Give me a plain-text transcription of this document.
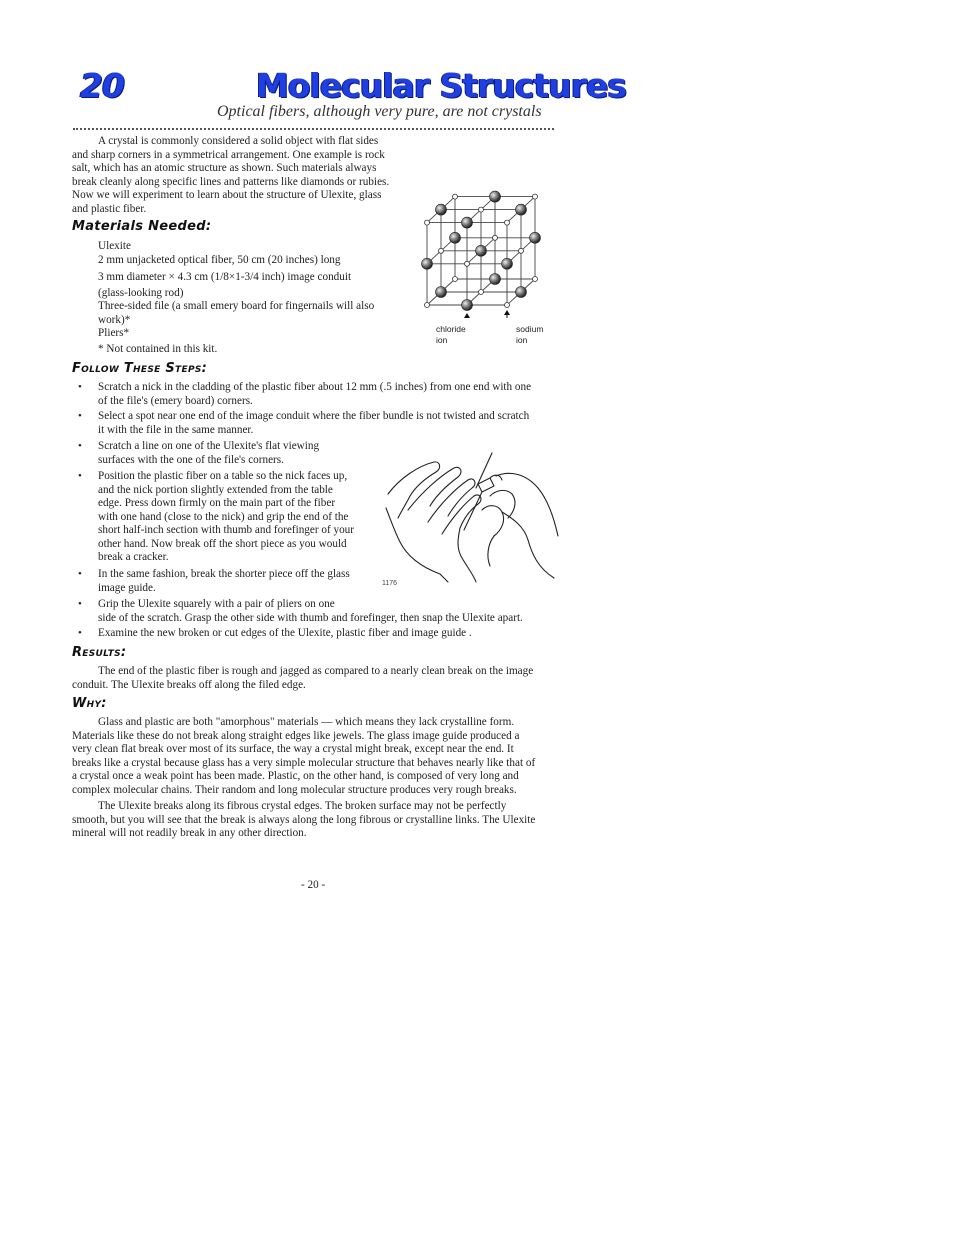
20	Molecular Structures
Optical fibers, although very pure, are not crystals

A crystal is commonly considered a solid object with flat sides

and sharp corners in a symmetrical arrangement. One example is rock

salt, which has an atomic structure as shown. Such materials always

break cleanly along specific lines and patterns like diamonds or rubies.

Now we will experiment to learn about the structure of Ulexite, glass

and plastic fiber.

chloride
ion
sodium
ion
Materials Needed:

Ulexite

2 mm unjacketed optical fiber, 50 cm (20 inches) long

3 mm diameter × 4.3 cm (1/8×1-3/4 inch) image conduit

(glass-looking rod)

Three-sided file (a small emery board for fingernails will also

work)*

Pliers*

* Not contained in this kit.
Follow These Steps:
• Scratch a nick in the cladding of the plastic fiber about 12 mm (.5 inches) from one end with one

of the file's (emery board) corners.

• Select a spot near one end of the image conduit where the fiber bundle is not twisted and scratch

it with the file in the same manner.

• Scratch a line on one of the Ulexite's flat viewing

surfaces with the one of the file's corners.

• Position the plastic fiber on a table so the nick faces up,

and the nick portion slightly extended from the table

edge. Press down firmly on the main part of the fiber

with one hand (close to the nick) and grip the end of the

short half-inch section with thumb and forefinger of your

other hand. Now break off the short piece as you would

break a cracker.

• In the same fashion, break the shorter piece off the glass

image guide.

• Grip the Ulexite squarely with a pair of pliers on one

side of the scratch. Grasp the other side with thumb and forefinger, then snap the Ulexite apart.

• Examine the new broken or cut edges of the Ulexite, plastic fiber and image guide .

1176
Results:

The end of the plastic fiber is rough and jagged as compared to a nearly clean break on the image

conduit. The Ulexite breaks off along the filed edge.

Why:

Glass and plastic are both "amorphous" materials — which means they lack crystalline form.

Materials like these do not break along straight edges like jewels. The glass image guide produced a

very clean flat break over most of its surface, the way a crystal might break, except near the end. It

breaks like a crystal because glass has a very simple molecular structure that behaves nearly like that of

a crystal once a weak point has been made. Plastic, on the other hand, is composed of very long and

complex molecular chains. Their random and long molecular structure produces very rough breaks.

The Ulexite breaks along its fibrous crystal edges. The broken surface may not be perfectly

smooth, but you will see that the break is always along the long fibrous or crystalline links. The Ulexite

mineral will not readily break in any other direction.

- 20 -
